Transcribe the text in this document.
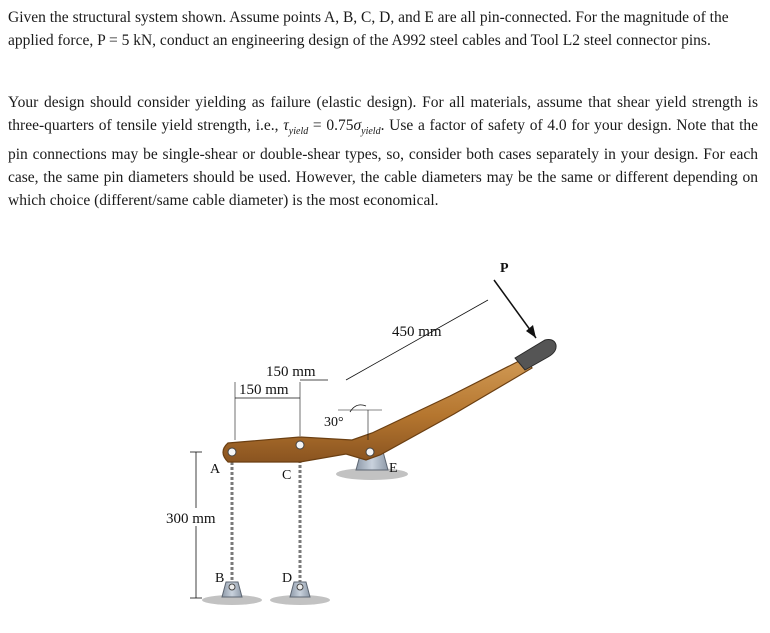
Given the structural system shown. Assume points A, B, C, D, and E are all pin-connected. For the magnitude of the applied force, P = 5 kN, conduct an engineering design of the A992 steel cables and Tool L2 steel connector pins.

Your design should consider yielding as failure (elastic design). For all materials, assume that shear yield strength is three-quarters of tensile yield strength, i.e., $\tau_{yield} = 0.75\sigma_{yield}$. Use a factor of safety of 4.0 for your design. Note that the pin connections may be single-shear or double-shear types, so, consider both cases separately in your design. For each case, the same pin diameters should be used. However, the cable diameters may be the same or different depending on which choice (different/same cable diameter) is the most economical.

P
450 mm
150 mm
150 mm
30°
300 mm
A
B
C
D
E
